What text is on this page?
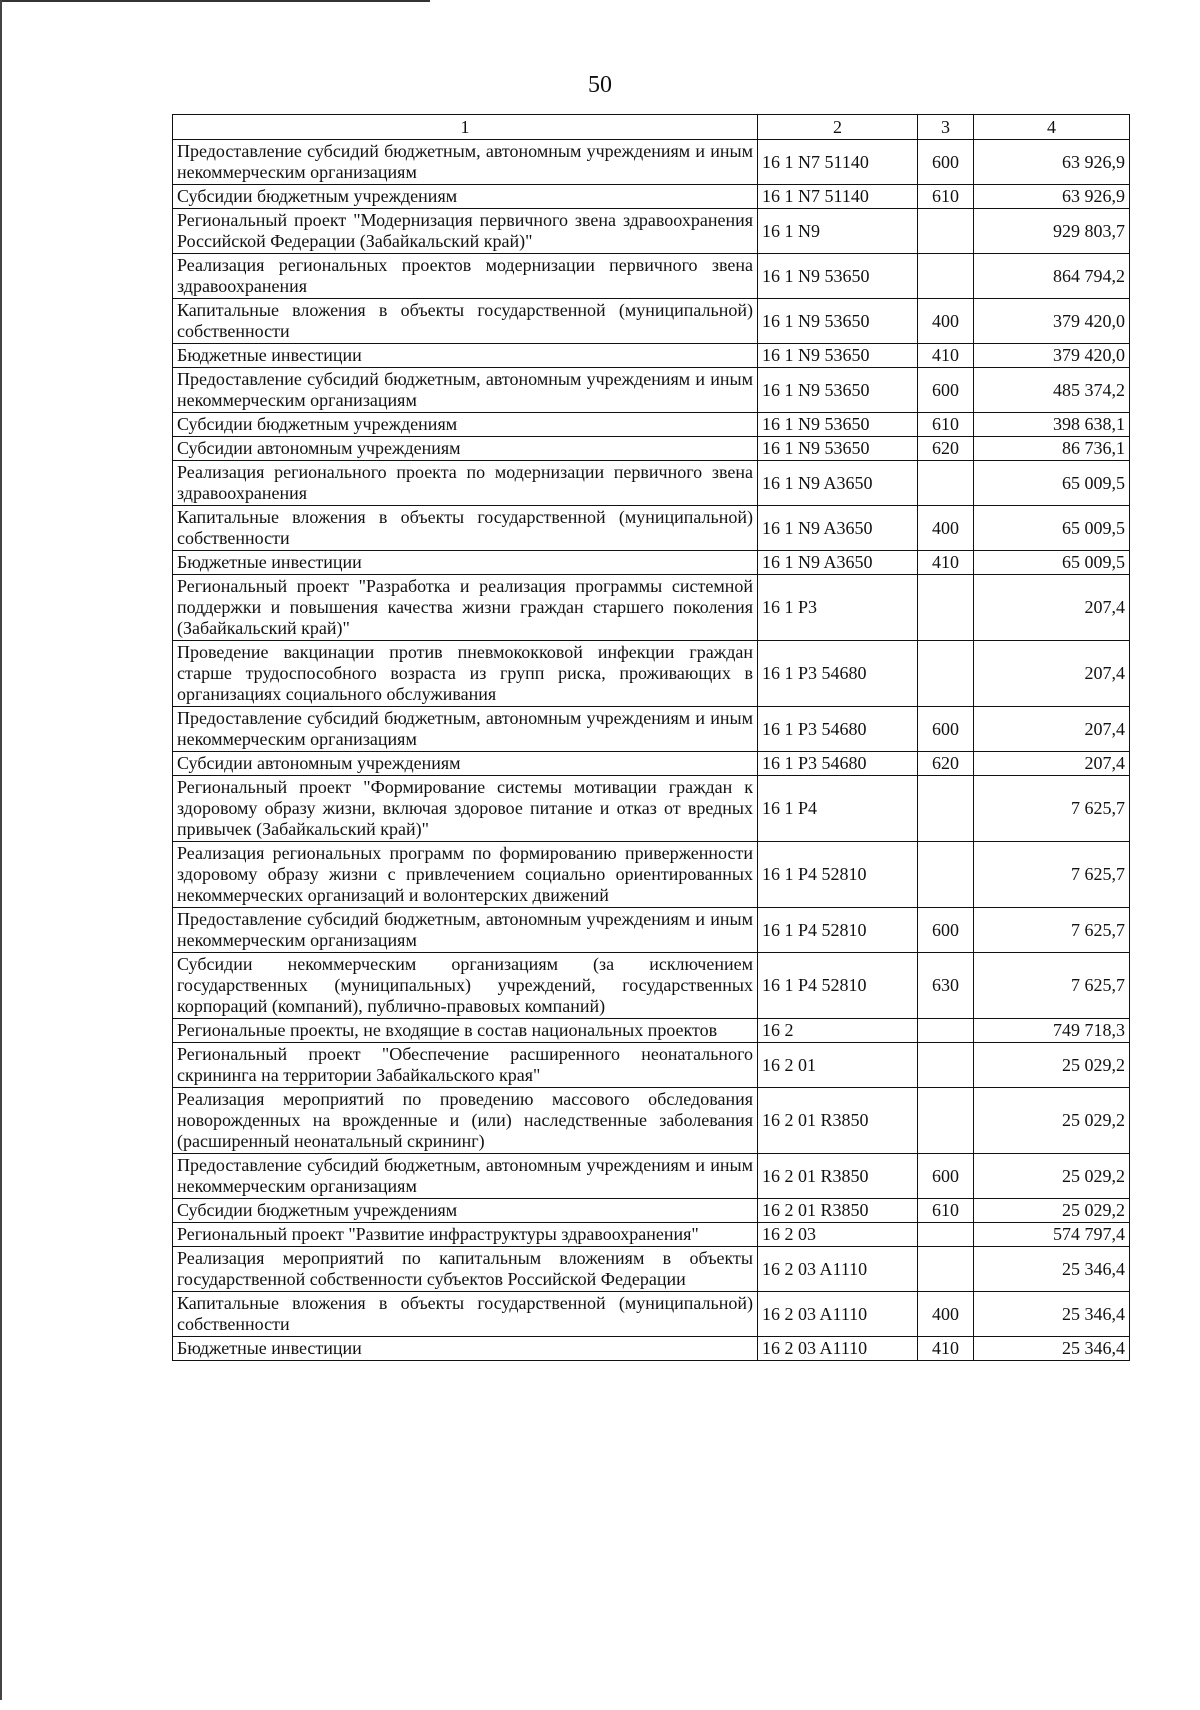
50
1	2	3	4
Предоставление субсидий бюджетным, автономным учреждениям и иным некоммерческим организациям	16 1 N7 51140	600	63 926,9
Субсидии бюджетным учреждениям	16 1 N7 51140	610	63 926,9
Региональный проект "Модернизация первичного звена здравоохранения Российской Федерации (Забайкальский край)"	16 1 N9		929 803,7
Реализация региональных проектов модернизации первичного звена здравоохранения	16 1 N9 53650		864 794,2
Капитальные вложения в объекты государственной (муниципальной) собственности	16 1 N9 53650	400	379 420,0
Бюджетные инвестиции	16 1 N9 53650	410	379 420,0
Предоставление субсидий бюджетным, автономным учреждениям и иным некоммерческим организациям	16 1 N9 53650	600	485 374,2
Субсидии бюджетным учреждениям	16 1 N9 53650	610	398 638,1
Субсидии автономным учреждениям	16 1 N9 53650	620	86 736,1
Реализация регионального проекта по модернизации первичного звена здравоохранения	16 1 N9 A3650		65 009,5
Капитальные вложения в объекты государственной (муниципальной) собственности	16 1 N9 A3650	400	65 009,5
Бюджетные инвестиции	16 1 N9 A3650	410	65 009,5
Региональный проект "Разработка и реализация программы системной поддержки и повышения качества жизни граждан старшего поколения (Забайкальский край)"	16 1 P3		207,4
Проведение вакцинации против пневмококковой инфекции граждан старше трудоспособного возраста из групп риска, проживающих в организациях социального обслуживания	16 1 P3 54680		207,4
Предоставление субсидий бюджетным, автономным учреждениям и иным некоммерческим организациям	16 1 P3 54680	600	207,4
Субсидии автономным учреждениям	16 1 P3 54680	620	207,4
Региональный проект "Формирование системы мотивации граждан к здоровому образу жизни, включая здоровое питание и отказ от вредных привычек (Забайкальский край)"	16 1 P4		7 625,7
Реализация региональных программ по формированию приверженности здоровому образу жизни с привлечением социально ориентированных некоммерческих организаций и волонтерских движений	16 1 P4 52810		7 625,7
Предоставление субсидий бюджетным, автономным учреждениям и иным некоммерческим организациям	16 1 P4 52810	600	7 625,7
Субсидии некоммерческим организациям (за исключением государственных (муниципальных) учреждений, государственных корпораций (компаний), публично-правовых компаний)	16 1 P4 52810	630	7 625,7
Региональные проекты, не входящие в состав национальных проектов	16 2		749 718,3
Региональный проект "Обеспечение расширенного неонатального скрининга на территории Забайкальского края"	16 2 01		25 029,2
Реализация мероприятий по проведению массового обследования новорожденных на врожденные и (или) наследственные заболевания (расширенный неонатальный скрининг)	16 2 01 R3850		25 029,2
Предоставление субсидий бюджетным, автономным учреждениям и иным некоммерческим организациям	16 2 01 R3850	600	25 029,2
Субсидии бюджетным учреждениям	16 2 01 R3850	610	25 029,2
Региональный проект "Развитие инфраструктуры здравоохранения"	16 2 03		574 797,4
Реализация мероприятий по капитальным вложениям в объекты государственной собственности субъектов Российской Федерации	16 2 03 A1110		25 346,4
Капитальные вложения в объекты государственной (муниципальной) собственности	16 2 03 A1110	400	25 346,4
Бюджетные инвестиции	16 2 03 A1110	410	25 346,4
